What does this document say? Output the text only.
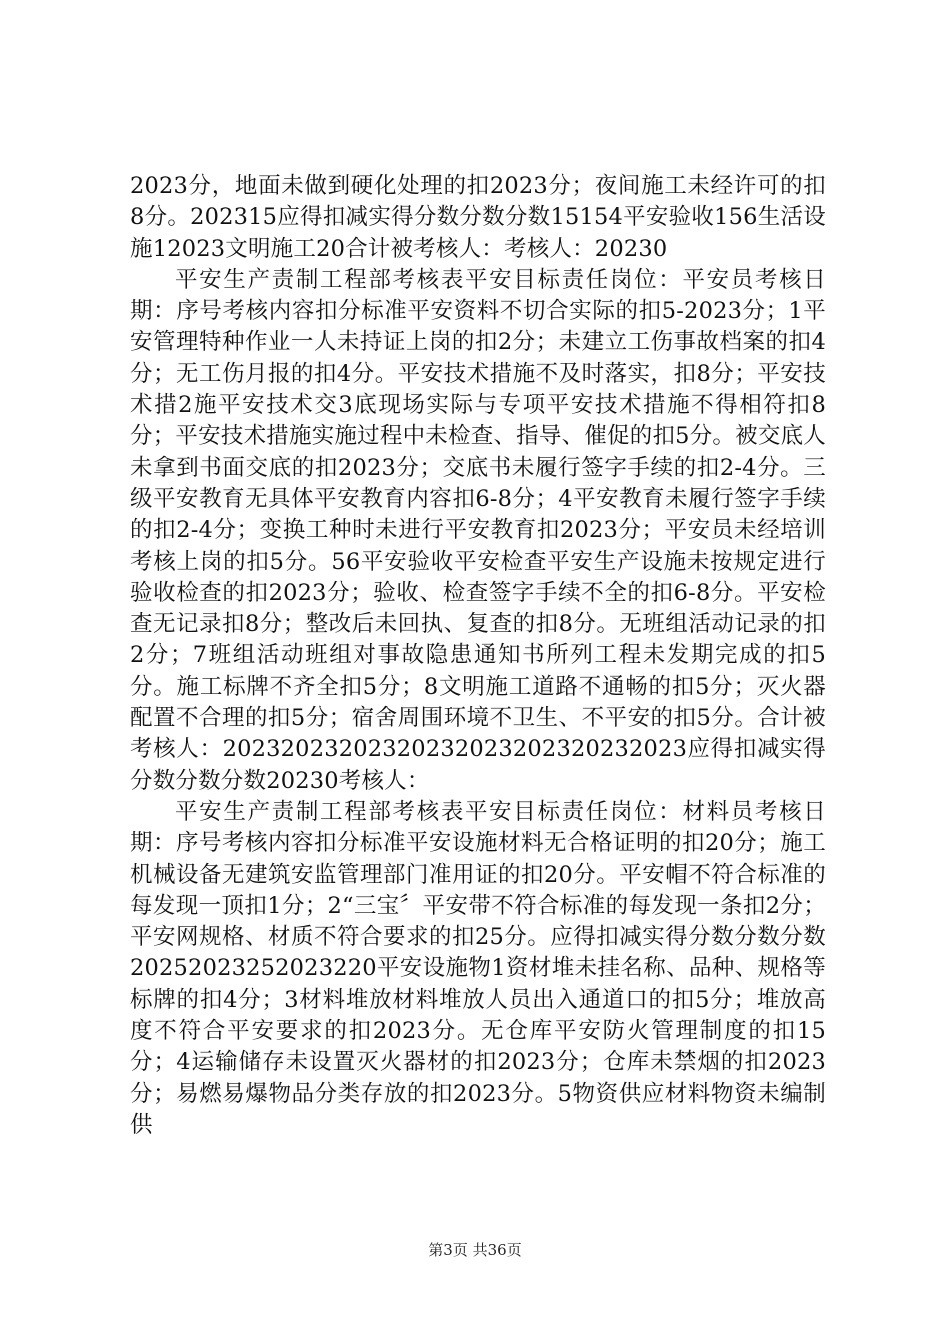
2023分，地面未做到硬化处理的扣2023分；夜间施工未经许可的扣8分。202315应得扣减实得分数分数分数15154平安验收156生活设施12023文明施工20合计被考核人：考核人：20230

平安生产责制工程部考核表平安目标责任岗位：平安员考核日期：序号考核内容扣分标准平安资料不切合实际的扣5-2023分；1平安管理特种作业一人未持证上岗的扣2分；未建立工伤事故档案的扣4分；无工伤月报的扣4分。平安技术措施不及时落实，扣8分；平安技术措2施平安技术交3底现场实际与专项平安技术措施不得相符扣8分；平安技术措施实施过程中未检查、指导、催促的扣5分。被交底人未拿到书面交底的扣2023分；交底书未履行签字手续的扣2-4分。三级平安教育无具体平安教育内容扣6-8分；4平安教育未履行签字手续的扣2-4分；变换工种时未进行平安教育扣2023分；平安员未经培训考核上岗的扣5分。56平安验收平安检查平安生产设施未按规定进行验收检查的扣2023分；验收、检查签字手续不全的扣6-8分。平安检查无记录扣8分；整改后未回执、复查的扣8分。无班组活动记录的扣2分；7班组活动班组对事故隐患通知书所列工程未发期完成的扣5分。施工标牌不齐全扣5分；8文明施工道路不通畅的扣5分；灭火器配置不合理的扣5分；宿舍周围环境不卫生、不平安的扣5分。合计被考核人：20232023202320232023202320232023应得扣减实得分数分数分数20230考核人：

平安生产责制工程部考核表平安目标责任岗位：材料员考核日期：序号考核内容扣分标准平安设施材料无合格证明的扣20分；施工机械设备无建筑安监管理部门准用证的扣20分。平安帽不符合标准的每发现一顶扣1分；2“三宝〞平安带不符合标准的每发现一条扣2分；平安网规格、材质不符合要求的扣25分。应得扣减实得分数分数分数20252023252023220平安设施物1资材堆未挂名称、品种、规格等标牌的扣4分；3材料堆放材料堆放人员出入通道口的扣5分；堆放高度不符合平安要求的扣2023分。无仓库平安防火管理制度的扣15分；4运输储存未设置灭火器材的扣2023分；仓库未禁烟的扣2023分；易燃易爆物品分类存放的扣2023分。5物资供应材料物资未编制供

第3页 共36页
